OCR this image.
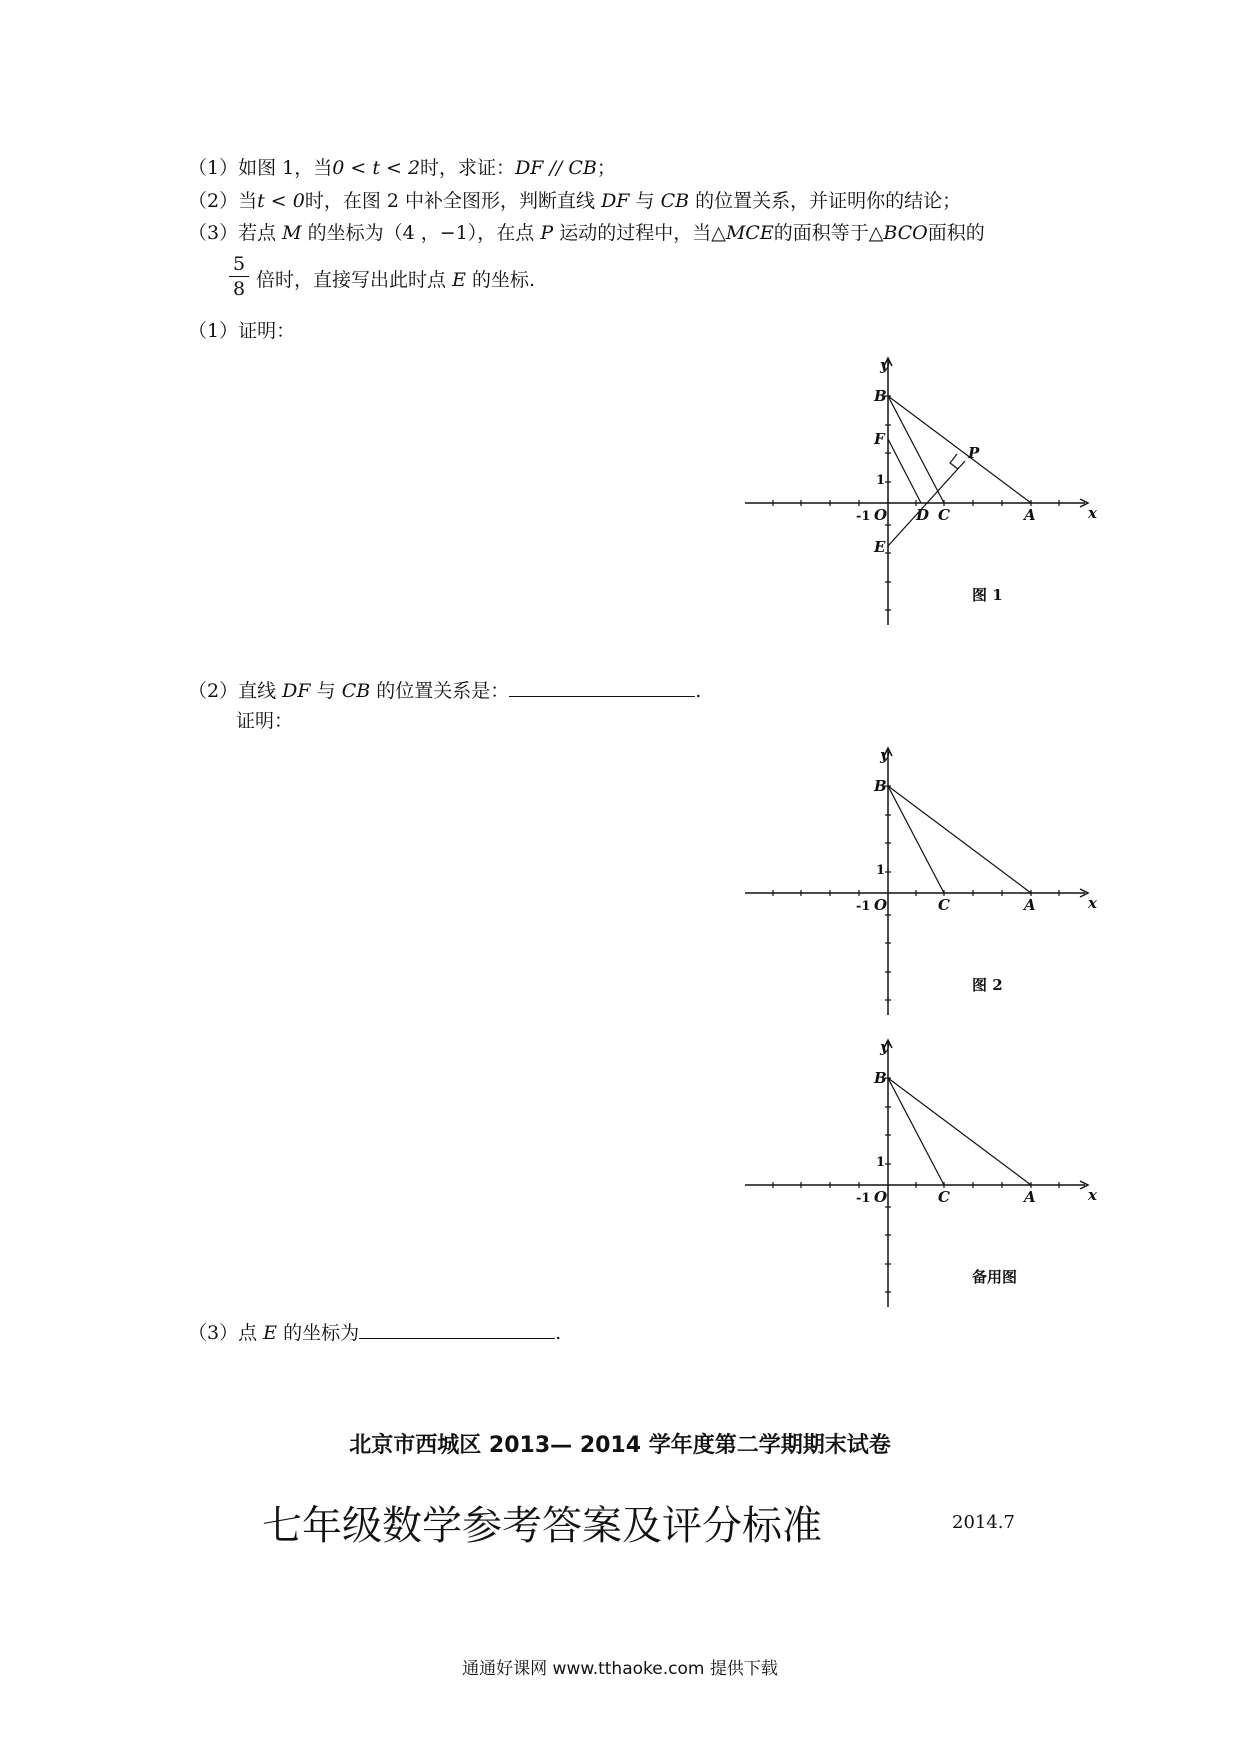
（1）如图 1，当0 < t < 2时，求证：DF // CB；
（2）当t < 0时，在图 2 中补全图形，判断直线 DF 与 CB 的位置关系，并证明你的结论；
（3）若点 M 的坐标为（4 ，−1），在点 P 运动的过程中，当△MCE的面积等于△BCO面积的
$\frac{5}{8}$ 倍时，直接写出此时点 E 的坐标.
（1）证明：
y
x
B
F
P
1
-1 O D C	A
E
图 1
（2）直线 DF 与 CB 的位置关系是：	.
证明：
y
x
B
1
-1 O	C	A
图 2
y
x
B
1
-1 O	C	A
备用图
（3）点 E 的坐标为	.
北京市西城区 2013— 2014 学年度第二学期期末试卷
七年级数学参考答案及评分标准	2014.7
通通好课网 www.tthaoke.com 提供下载
